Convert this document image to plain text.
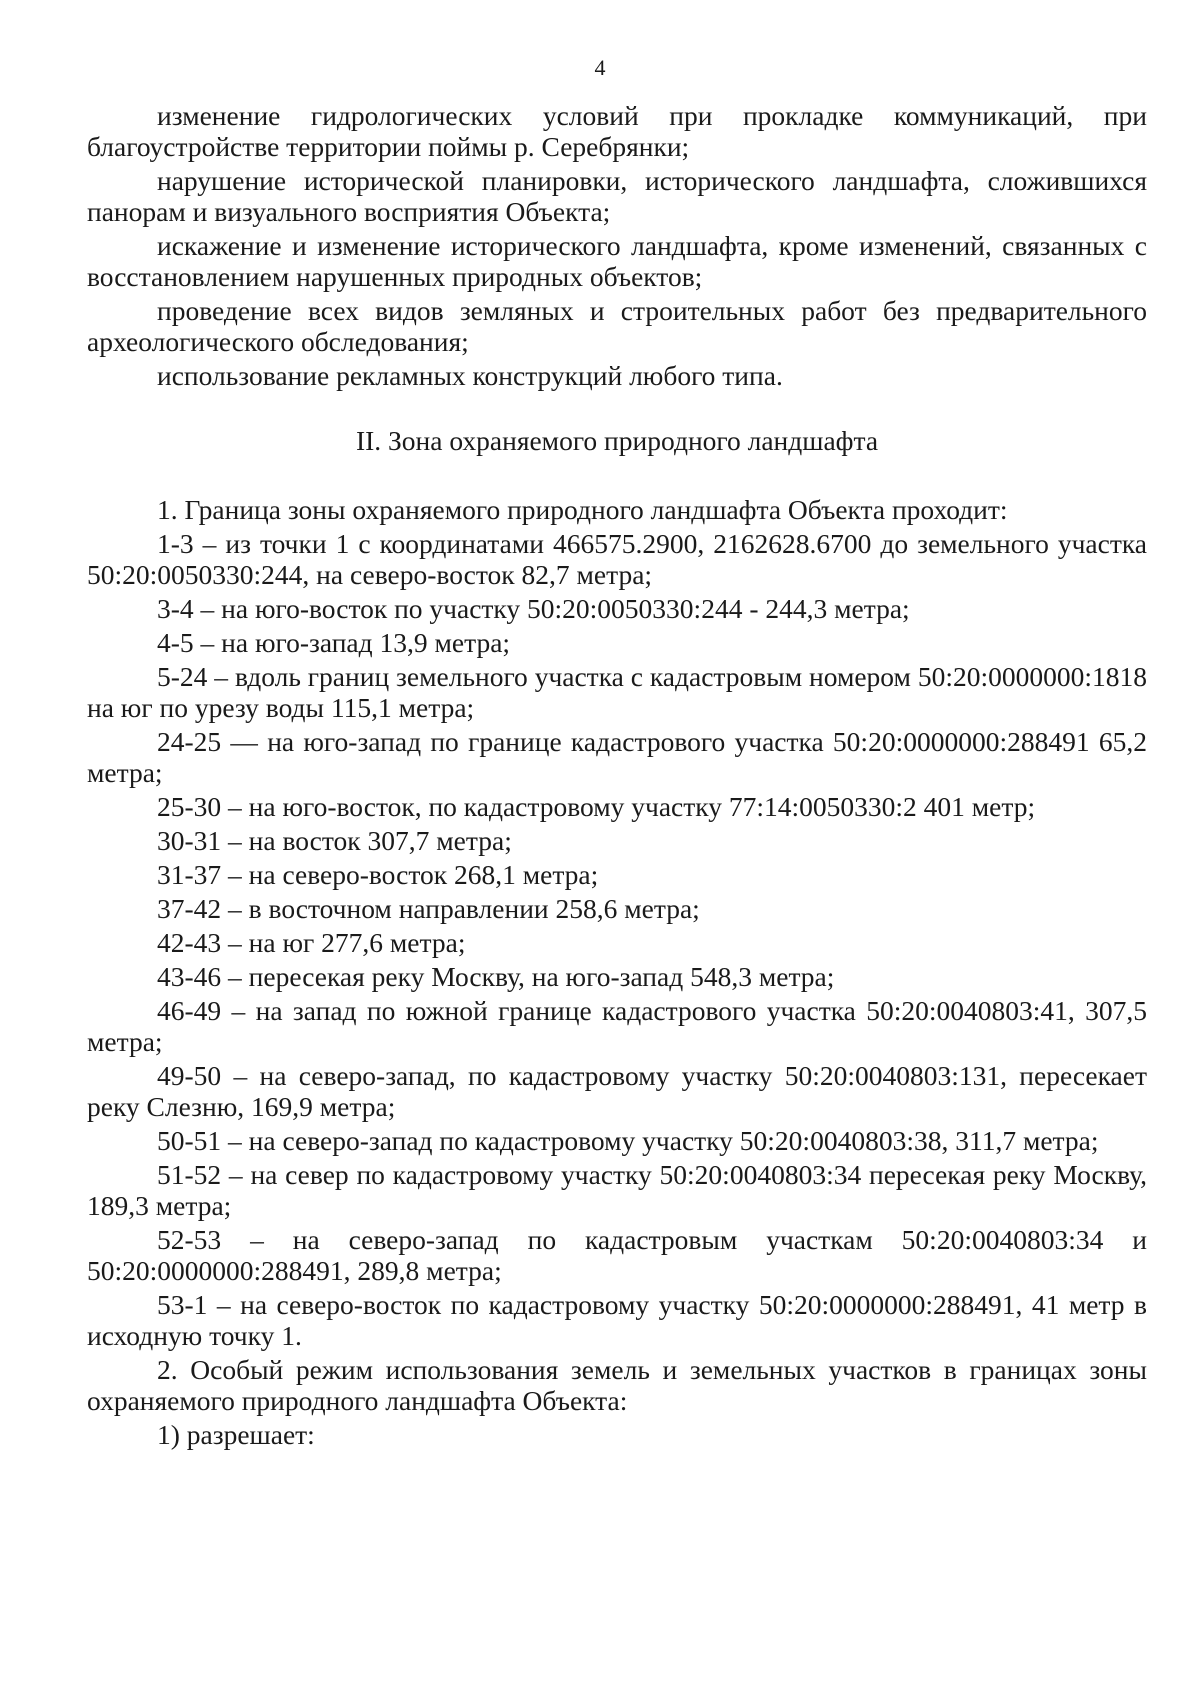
4

изменение гидрологических условий при прокладке коммуникаций, при благоустройстве территории поймы р. Серебрянки;

нарушение исторической планировки, исторического ландшафта, сложившихся панорам и визуального восприятия Объекта;

искажение и изменение исторического ландшафта, кроме изменений, связанных с восстановлением нарушенных природных объектов;

проведение всех видов земляных и строительных работ без предварительного археологического обследования;

использование рекламных конструкций любого типа.

II. Зона охраняемого природного ландшафта

1. Граница зоны охраняемого природного ландшафта Объекта проходит:

1-3 – из точки 1 с координатами 466575.2900, 2162628.6700 до земельного участка 50:20:0050330:244, на северо-восток 82,7 метра;

3-4 – на юго-восток по участку 50:20:0050330:244 - 244,3 метра;

4-5 – на юго-запад 13,9 метра;

5-24 – вдоль границ земельного участка с кадастровым номером 50:20:0000000:1818 на юг по урезу воды 115,1 метра;

24-25 — на юго-запад по границе кадастрового участка 50:20:0000000:288491 65,2 метра;

25-30 – на юго-восток, по кадастровому участку 77:14:0050330:2 401 метр;

30-31 – на восток 307,7 метра;

31-37 – на северо-восток 268,1 метра;

37-42 – в восточном направлении 258,6 метра;

42-43 – на юг 277,6 метра;

43-46 – пересекая реку Москву, на юго-запад 548,3 метра;

46-49 – на запад по южной границе кадастрового участка 50:20:0040803:41, 307,5 метра;

49-50 – на северо-запад, по кадастровому участку 50:20:0040803:131, пересекает реку Слезню, 169,9 метра;

50-51 – на северо-запад по кадастровому участку 50:20:0040803:38, 311,7 метра;

51-52 – на север по кадастровому участку 50:20:0040803:34 пересекая реку Москву, 189,3 метра;

52-53 – на северо-запад по кадастровым участкам 50:20:0040803:34 и 50:20:0000000:288491, 289,8 метра;

53-1 – на северо-восток по кадастровому участку 50:20:0000000:288491, 41 метр в исходную точку 1.

2. Особый режим использования земель и земельных участков в границах зоны охраняемого природного ландшафта Объекта:

1) разрешает:
